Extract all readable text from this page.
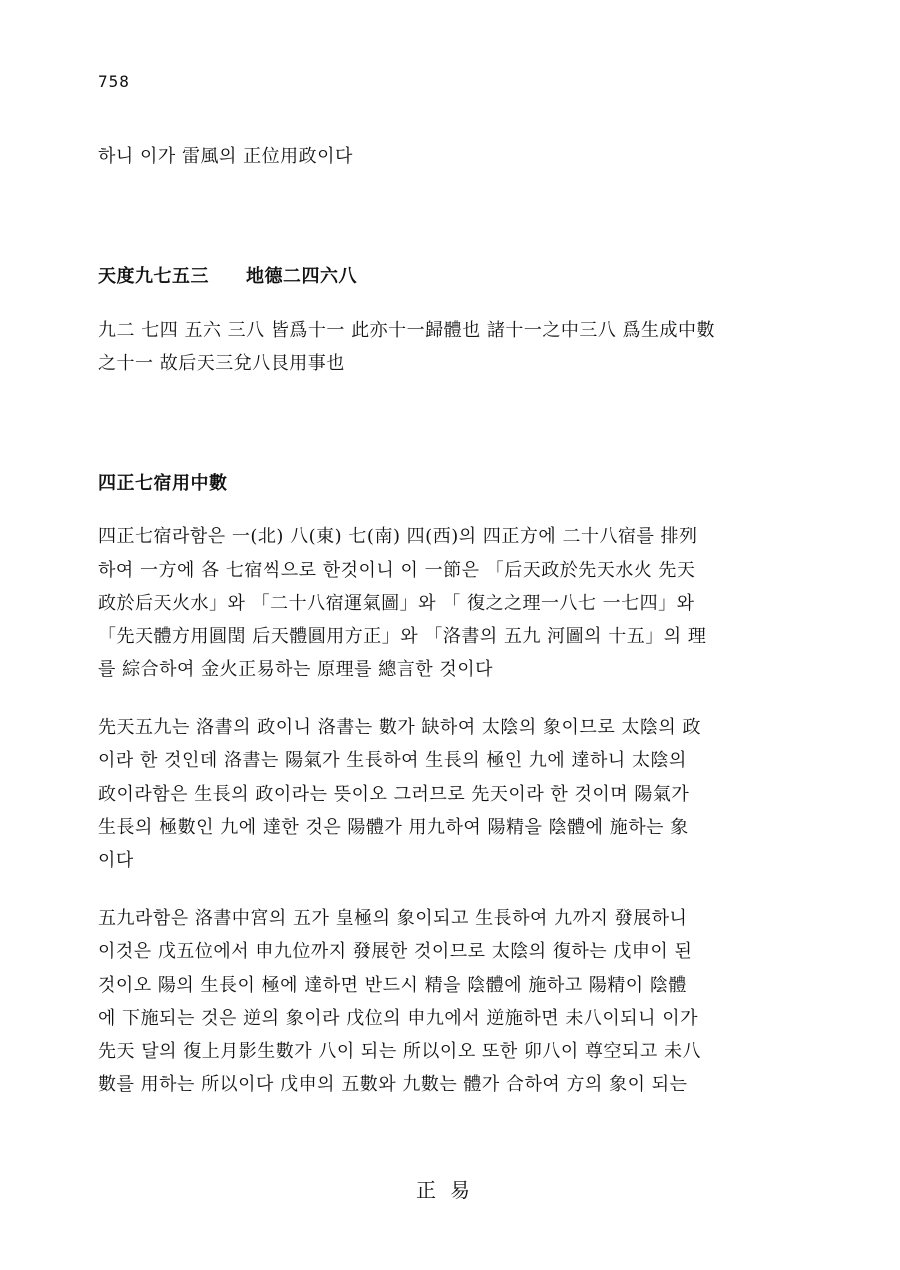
758
하니 이가 雷風의 正位用政이다
天度九七五三　　地德二四六八
九二 七四 五六 三八 皆爲十一 此亦十一歸體也 諸十一之中三八 爲生成中數
之十一 故后天三兌八艮用事也
四正七宿用中數
四正七宿라함은 一(北) 八(東) 七(南) 四(西)의 四正方에 二十八宿를 排列
하여 一方에 各 七宿씩으로 한것이니 이 一節은 「后天政於先天水火 先天
政於后天火水」와 「二十八宿運氣圖」와 「 復之之理一八七 一七四」와
「先天體方用圓閏 后天體圓用方正」와 「洛書의 五九 河圖의 十五」의 理
를 綜合하여 金火正易하는 原理를 總言한 것이다
先天五九는 洛書의 政이니 洛書는 數가 缺하여 太陰의 象이므로 太陰의 政
이라 한 것인데 洛書는 陽氣가 生長하여 生長의 極인 九에 達하니 太陰의
政이라함은 生長의 政이라는 뜻이오 그러므로 先天이라 한 것이며 陽氣가
生長의 極數인 九에 達한 것은 陽體가 用九하여 陽精을 陰體에 施하는 象
이다
五九라함은 洛書中宮의 五가 皇極의 象이되고 生長하여 九까지 發展하니
이것은 戊五位에서 申九位까지 發展한 것이므로 太陰의 復하는 戊申이 된
것이오 陽의 生長이 極에 達하면 반드시 精을 陰體에 施하고 陽精이 陰體
에 下施되는 것은 逆의 象이라 戊位의 申九에서 逆施하면 未八이되니 이가
先天 달의 復上月影生數가 八이 되는 所以이오 또한 卯八이 尊空되고 未八
數를 用하는 所以이다 戊申의 五數와 九數는 體가 合하여 方의 象이 되는
正易
